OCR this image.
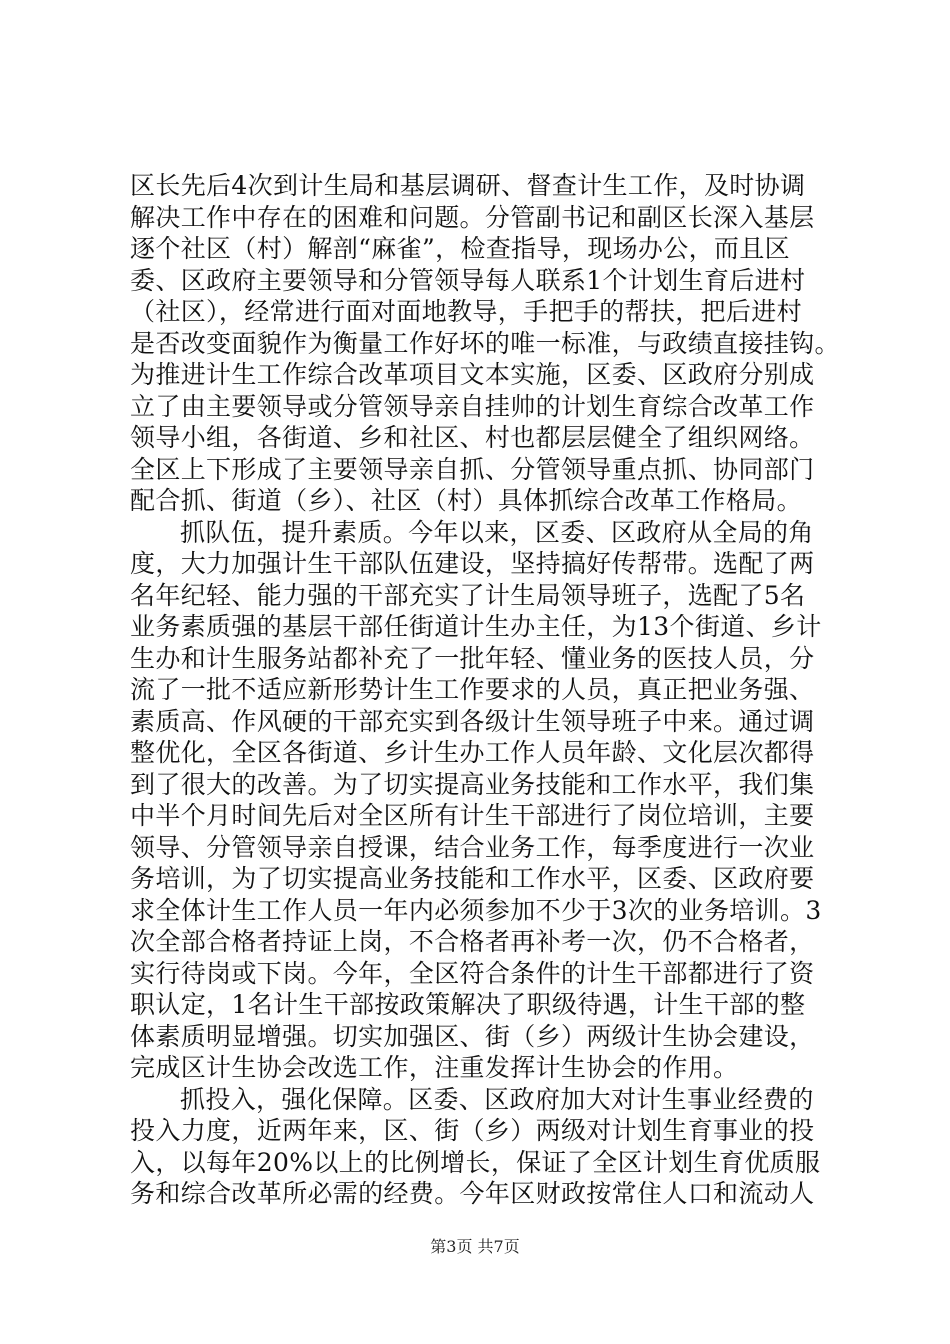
区长先后4次到计生局和基层调研、督查计生工作，及时协调
解决工作中存在的困难和问题。分管副书记和副区长深入基层
逐个社区（村）解剖“麻雀”，检查指导，现场办公，而且区
委、区政府主要领导和分管领导每人联系1个计划生育后进村
（社区），经常进行面对面地教导，手把手的帮扶，把后进村
是否改变面貌作为衡量工作好坏的唯一标准，与政绩直接挂钩。
为推进计生工作综合改革项目文本实施，区委、区政府分别成
立了由主要领导或分管领导亲自挂帅的计划生育综合改革工作
领导小组，各街道、乡和社区、村也都层层健全了组织网络。
全区上下形成了主要领导亲自抓、分管领导重点抓、协同部门
配合抓、街道（乡）、社区（村）具体抓综合改革工作格局。
抓队伍，提升素质。今年以来，区委、区政府从全局的角
度，大力加强计生干部队伍建设，坚持搞好传帮带。选配了两
名年纪轻、能力强的干部充实了计生局领导班子，选配了5名
业务素质强的基层干部任街道计生办主任，为13个街道、乡计
生办和计生服务站都补充了一批年轻、懂业务的医技人员，分
流了一批不适应新形势计生工作要求的人员，真正把业务强、
素质高、作风硬的干部充实到各级计生领导班子中来。通过调
整优化，全区各街道、乡计生办工作人员年龄、文化层次都得
到了很大的改善。为了切实提高业务技能和工作水平，我们集
中半个月时间先后对全区所有计生干部进行了岗位培训，主要
领导、分管领导亲自授课，结合业务工作，每季度进行一次业
务培训，为了切实提高业务技能和工作水平，区委、区政府要
求全体计生工作人员一年内必须参加不少于3次的业务培训。3
次全部合格者持证上岗，不合格者再补考一次，仍不合格者，
实行待岗或下岗。今年，全区符合条件的计生干部都进行了资
职认定，1名计生干部按政策解决了职级待遇，计生干部的整
体素质明显增强。切实加强区、街（乡）两级计生协会建设，
完成区计生协会改选工作，注重发挥计生协会的作用。
抓投入，强化保障。区委、区政府加大对计生事业经费的
投入力度，近两年来，区、街（乡）两级对计划生育事业的投
入，以每年20%以上的比例增长，保证了全区计划生育优质服
务和综合改革所必需的经费。今年区财政按常住人口和流动人
第3页 共7页
